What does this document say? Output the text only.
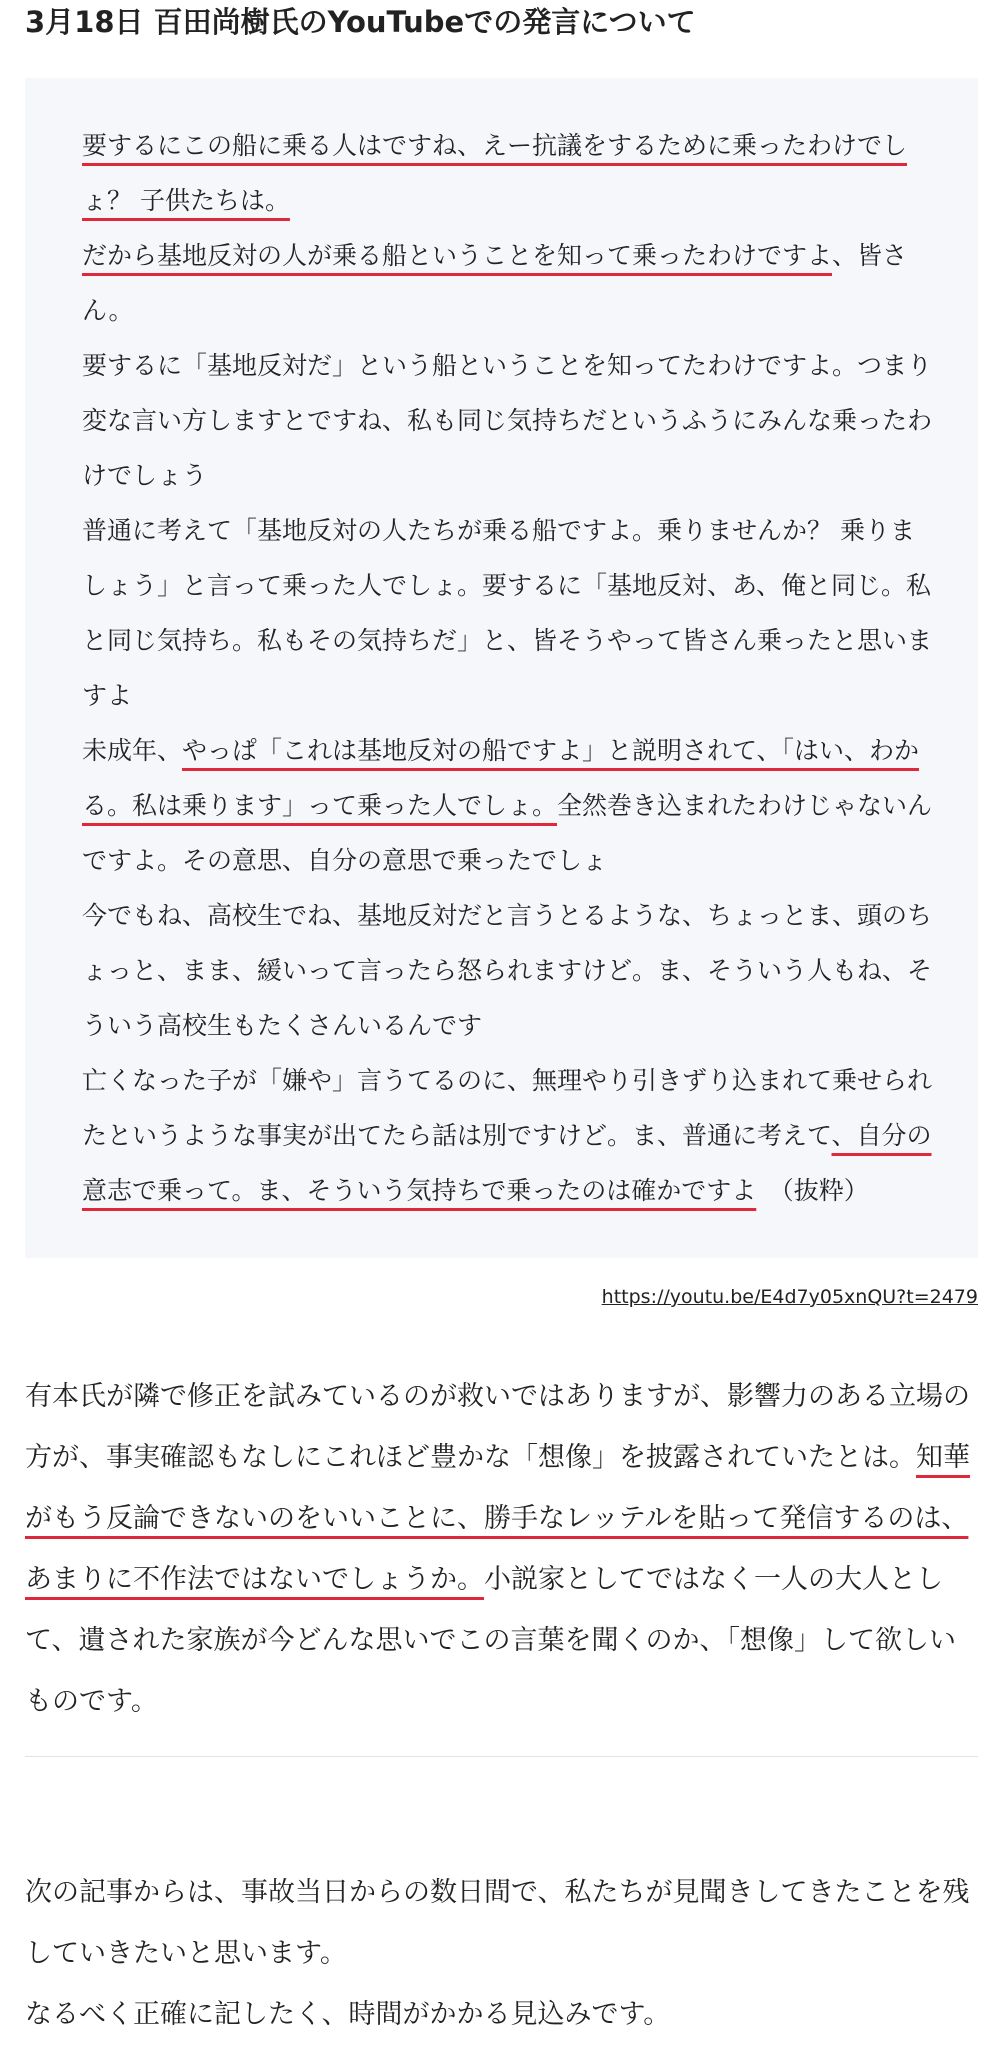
3月18日 百田尚樹氏のYouTubeでの発言について

要するにこの船に乗る人はですね、えー抗議をするために乗ったわけでしょ？ 子供たちは。

だから基地反対の人が乗る船ということを知って乗ったわけですよ、皆さん。

要するに「基地反対だ」という船ということを知ってたわけですよ。つまり変な言い方しますとですね、私も同じ気持ちだというふうにみんな乗ったわけでしょう

普通に考えて「基地反対の人たちが乗る船ですよ。乗りませんか？ 乗りましょう」と言って乗った人でしょ。要するに「基地反対、あ、俺と同じ。私と同じ気持ち。私もその気持ちだ」と、皆そうやって皆さん乗ったと思いますよ

未成年、やっぱ「これは基地反対の船ですよ」と説明されて、「はい、わかる。私は乗ります」って乗った人でしょ。全然巻き込まれたわけじゃないんですよ。その意思、自分の意思で乗ったでしょ

今でもね、高校生でね、基地反対だと言うとるような、ちょっとま、頭のちょっと、まま、緩いって言ったら怒られますけど。ま、そういう人もね、そういう高校生もたくさんいるんです

亡くなった子が「嫌や」言うてるのに、無理やり引きずり込まれて乗せられたというような事実が出てたら話は別ですけど。ま、普通に考えて、自分の意志で乗って。ま、そういう気持ちで乗ったのは確かですよ　（抜粋）

https://youtu.be/E4d7y05xnQU?t=2479

有本氏が隣で修正を試みているのが救いではありますが、影響力のある立場の方が、事実確認もなしにこれほど豊かな「想像」を披露されていたとは。知華がもう反論できないのをいいことに、勝手なレッテルを貼って発信するのは、あまりに不作法ではないでしょうか。小説家としてではなく一人の大人として、遺された家族が今どんな思いでこの言葉を聞くのか、「想像」して欲しいものです。

次の記事からは、事故当日からの数日間で、私たちが見聞きしてきたことを残していきたいと思います。
なるべく正確に記したく、時間がかかる見込みです。
